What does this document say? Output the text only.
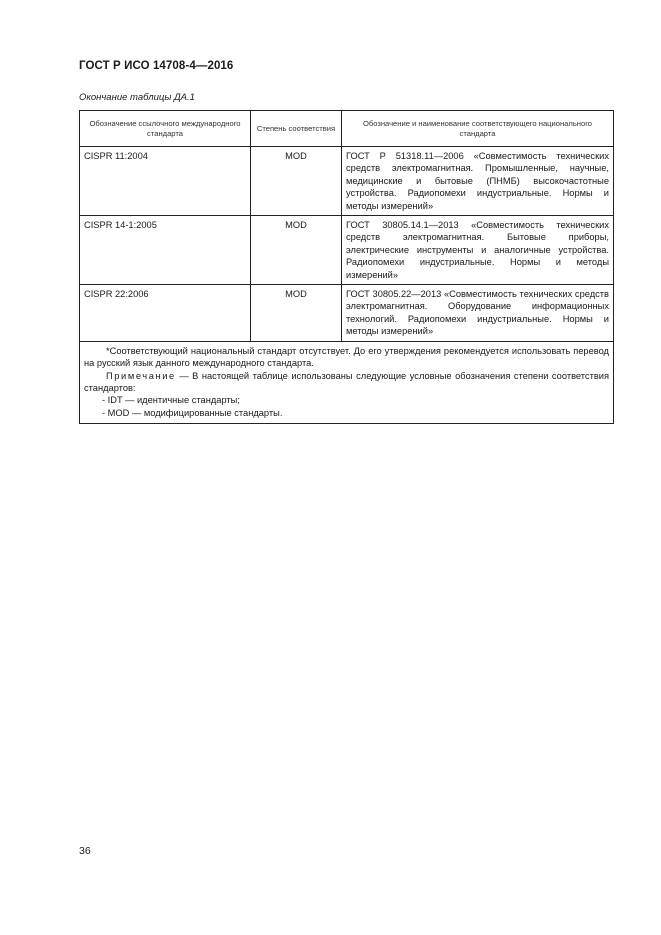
ГОСТ Р ИСО 14708-4—2016
Окончание таблицы ДА.1
Обозначение ссылочного международного стандарта	Степень соответствия	Обозначение и наименование соответствующего национального стандарта
CISPR 11:2004	MOD	ГОСТ Р 51318.11—2006 «Совместимость технических средств электромагнитная. Промышленные, научные, медицинские и бытовые (ПНМБ) высокочастотные устройства. Радиопомехи индустриальные. Нормы и методы измерений»
CISPR 14-1:2005	MOD	ГОСТ 30805.14.1—2013 «Совместимость технических средств электромагнитная. Бытовые приборы, электрические инструменты и аналогичные устройства. Радиопомехи индустриальные. Нормы и методы измерений»
CISPR 22:2006	MOD	ГОСТ 30805.22—2013 «Совместимость технических средств электромагнитная. Оборудование информационных технологий. Радиопомехи индустриальные. Нормы и методы измерений»

*Соответствующий национальный стандарт отсутствует. До его утверждения рекомендуется использовать перевод на русский язык данного международного стандарта.

Примечание — В настоящей таблице использованы следующие условные обозначения степени соответствия стандартов:

- IDT — идентичные стандарты;

- MOD — модифицированные стандарты.		

36
